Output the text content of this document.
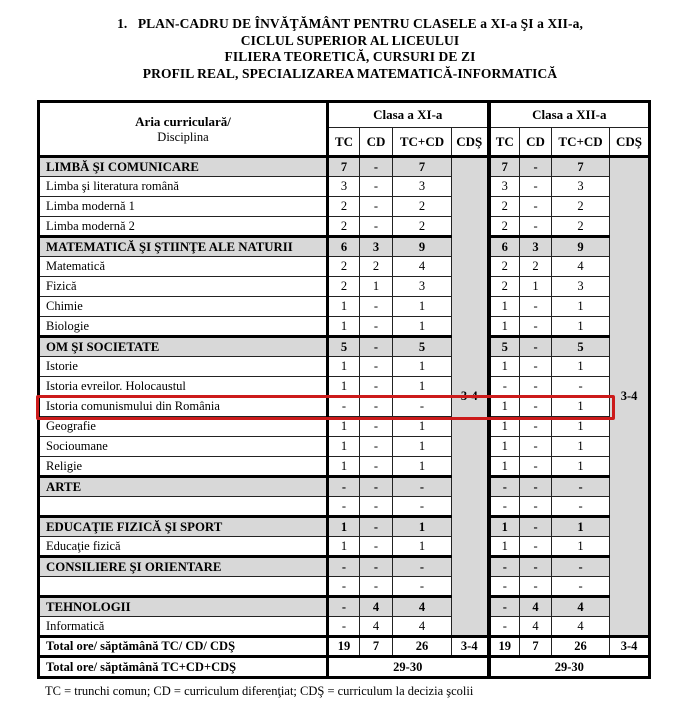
1.   PLAN-CADRU DE ÎNVĂŢĂMÂNT PENTRU CLASELE a XI-a ŞI a XII-a,
CICLUL SUPERIOR AL LICEULUI
FILIERA TEORETICĂ, CURSURI DE ZI
PROFIL REAL, SPECIALIZAREA MATEMATICĂ-INFORMATICĂ
Aria curriculară/
Disciplina	Clasa a XI-a				Clasa a XII-a			
	TC	CD	TC+CD	CDŞ	TC	CD	TC+CD	CDŞ
LIMBĂ ŞI COMUNICARE	7	-	7	3-4	7	-	7	3-4
Limba şi literatura română	3	-	3		3	-	3	
Limba modernă 1	2	-	2		2	-	2	
Limba modernă 2	2	-	2		2	-	2	
MATEMATICĂ ŞI ŞTIINŢE ALE NATURII	6	3	9		6	3	9	
Matematică	2	2	4		2	2	4	
Fizică	2	1	3		2	1	3	
Chimie	1	-	1		1	-	1	
Biologie	1	-	1		1	-	1	
OM ŞI SOCIETATE	5	-	5		5	-	5	
Istorie	1	-	1		1	-	1	
Istoria evreilor. Holocaustul	1	-	1		-	-	-	
Istoria comunismului din România	-	-	-		1	-	1	
Geografie	1	-	1		1	-	1	
Socioumane	1	-	1		1	-	1	
Religie	1	-	1		1	-	1	
ARTE	-	-	-		-	-	-	
	-	-	-		-	-	-	
EDUCAŢIE FIZICĂ ŞI SPORT	1	-	1		1	-	1	
Educaţie fizică	1	-	1		1	-	1	
CONSILIERE ŞI ORIENTARE	-	-	-		-	-	-	
	-	-	-		-	-	-	
TEHNOLOGII	-	4	4		-	4	4	
Informatică	-	4	4		-	4	4	
Total ore/ săptămână TC/ CD/ CDŞ	19	7	26	3-4	19	7	26	3-4
Total ore/ săptămână TC+CD+CDŞ	29-30				29-30			
TC = trunchi comun; CD = curriculum diferenţiat; CDŞ = curriculum la decizia şcolii
